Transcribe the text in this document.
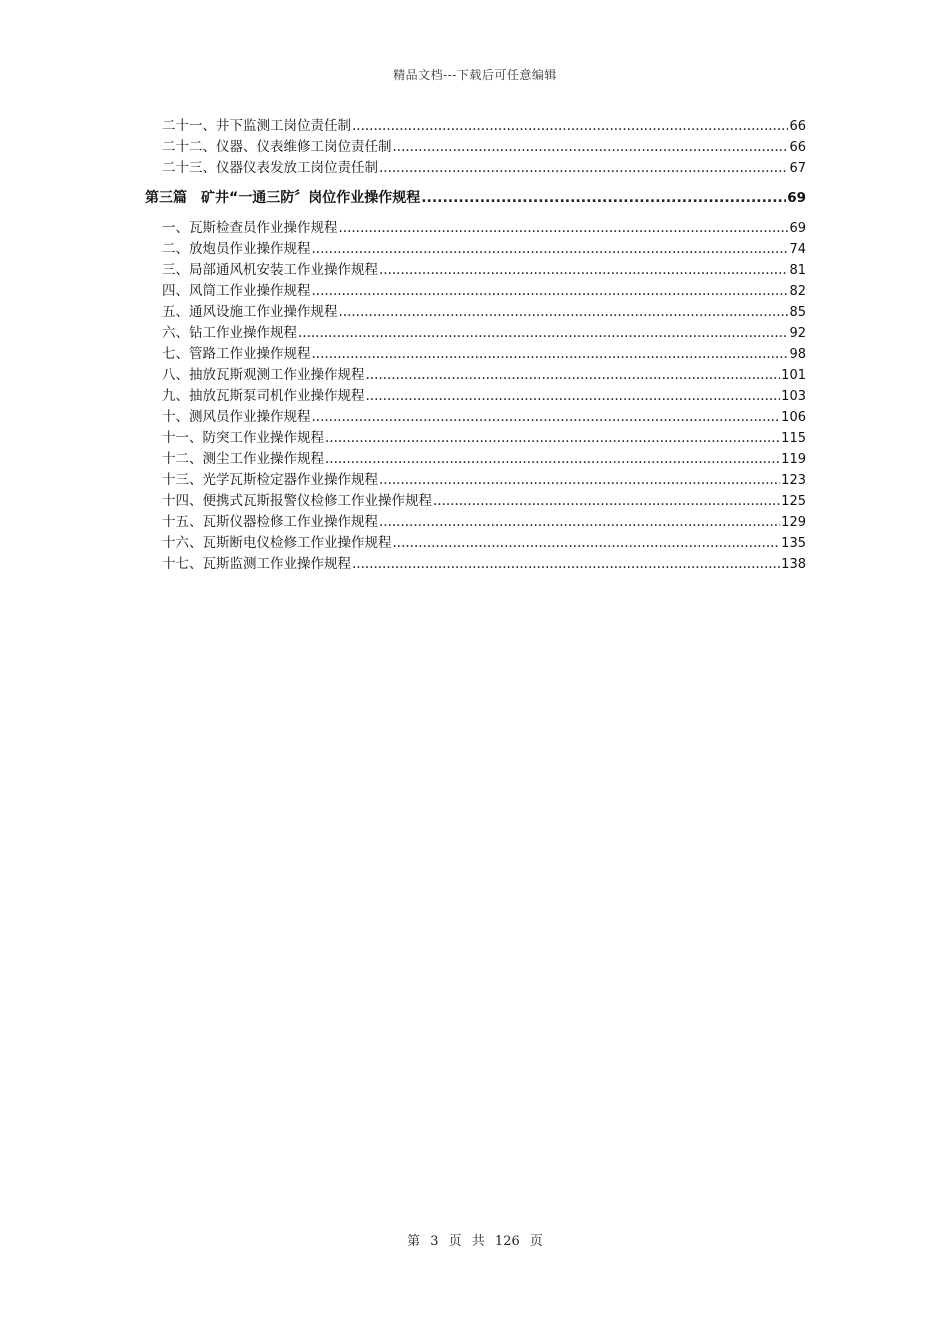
精品文档---下载后可任意编辑
二十一、井下监测工岗位责任制 .....	66
二十二、仪器、仪表维修工岗位责任制 .....	66
二十三、仪器仪表发放工岗位责任制 .....	67
第三篇　矿井“一通三防〞岗位作业操作规程 .....	69
一、瓦斯检查员作业操作规程 .....	69
二、放炮员作业操作规程 .....	74
三、局部通风机安装工作业操作规程 .....	81
四、风筒工作业操作规程 .....	82
五、通风设施工作业操作规程 .....	85
六、钻工作业操作规程 .....	92
七、管路工作业操作规程 .....	98
八、抽放瓦斯观测工作业操作规程 .....	101
九、抽放瓦斯泵司机作业操作规程 .....	103
十、测风员作业操作规程 .....	106
十一、防突工作业操作规程 .....	115
十二、测尘工作业操作规程 .....	119
十三、光学瓦斯检定器作业操作规程 .....	123
十四、便携式瓦斯报警仪检修工作业操作规程 .....	125
十五、瓦斯仪器检修工作业操作规程 .....	129
十六、瓦斯断电仪检修工作业操作规程 .....	135
十七、瓦斯监测工作业操作规程 .....	138
第 3 页 共 126 页
